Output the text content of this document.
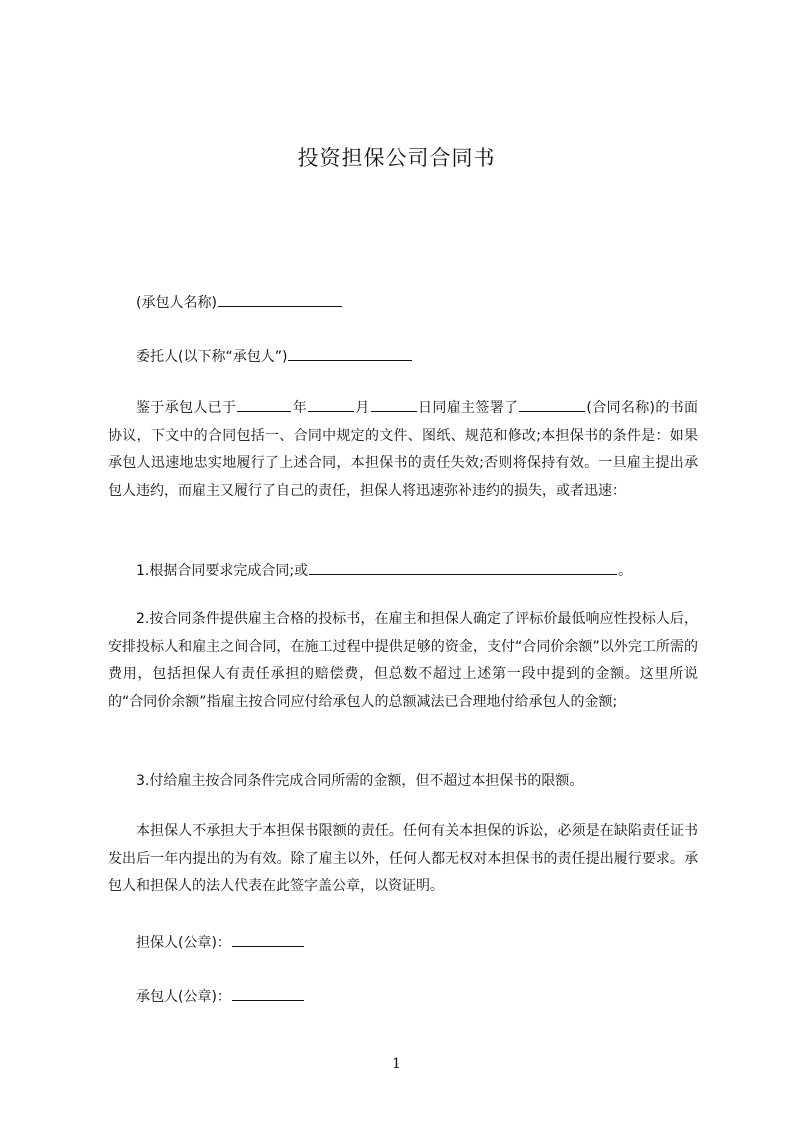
投资担保公司合同书
(承包人名称)
委托人(以下称“承包人”)

鉴于承包人已于	年	月	日同雇主签署了	(合同名称)的书面协议，下文中的合同包括一、合同中规定的文件、图纸、规范和修改;本担保书的条件是：如果承包人迅速地忠实地履行了上述合同，本担保书的责任失效;否则将保持有效。一旦雇主提出承包人违约，而雇主又履行了自己的责任，担保人将迅速弥补违约的损失，或者迅速：

1.根据合同要求完成合同;或	。

2.按合同条件提供雇主合格的投标书，在雇主和担保人确定了评标价最低响应性投标人后，安排投标人和雇主之间合同，在施工过程中提供足够的资金，支付“合同价余额”以外完工所需的费用，包括担保人有责任承担的赔偿费，但总数不超过上述第一段中提到的金额。这里所说的“合同价余额”指雇主按合同应付给承包人的总额减法已合理地付给承包人的金额;

3.付给雇主按合同条件完成合同所需的金额，但不超过本担保书的限额。

本担保人不承担大于本担保书限额的责任。任何有关本担保的诉讼，必须是在缺陷责任证书发出后一年内提出的为有效。除了雇主以外，任何人都无权对本担保书的责任提出履行要求。承包人和担保人的法人代表在此签字盖公章，以资证明。

担保人(公章)：
承包人(公章)：
1
